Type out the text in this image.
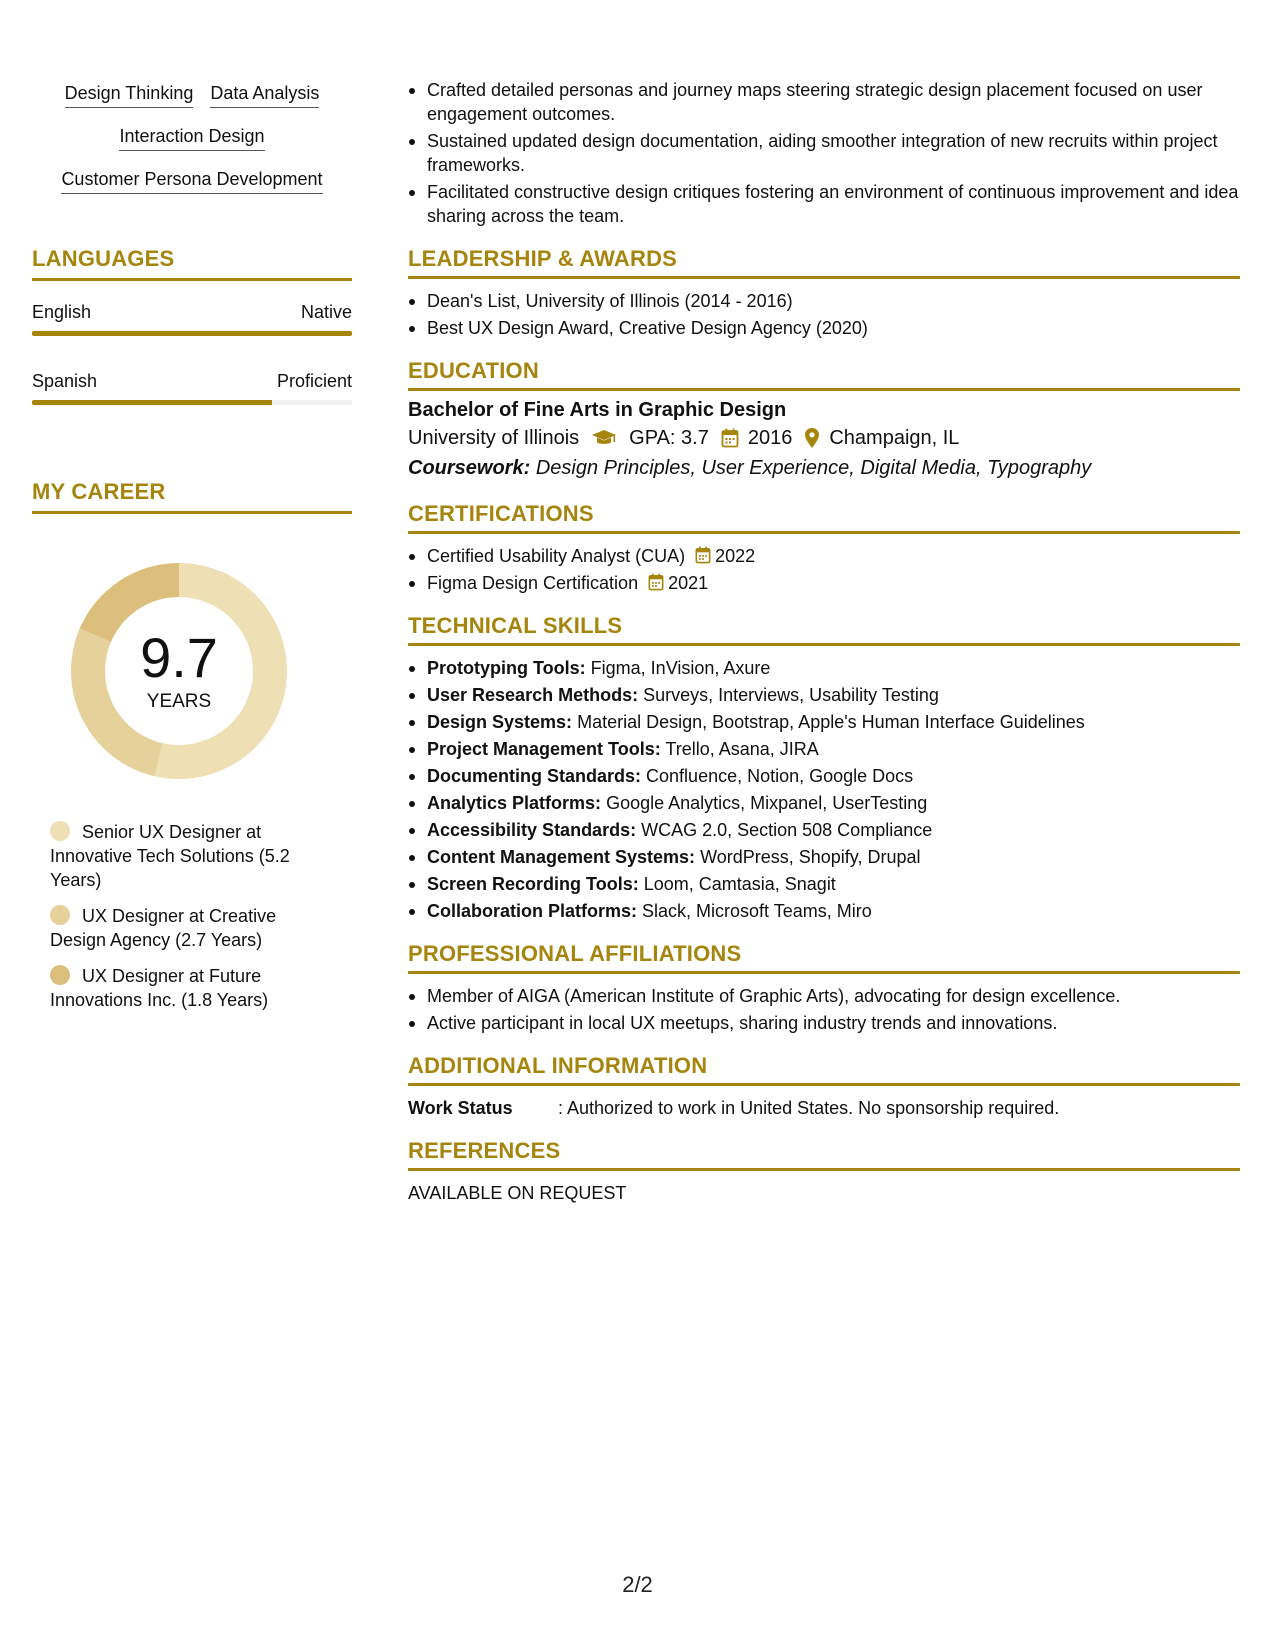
Design Thinking Data Analysis
Interaction Design
Customer Persona Development
LANGUAGES
English	Native
Spanish	Proficient
MY CAREER
9.7
YEARS
Senior UX Designer at Innovative Tech Solutions (5.2 Years)
UX Designer at Creative Design Agency (2.7 Years)
UX Designer at Future Innovations Inc. (1.8 Years)
Crafted detailed personas and journey maps steering strategic design placement focused on user engagement outcomes.
Sustained updated design documentation, aiding smoother integration of new recruits within project frameworks.
Facilitated constructive design critiques fostering an environment of continuous improvement and idea sharing across the team.
LEADERSHIP & AWARDS
Dean's List, University of Illinois (2014 - 2016)
Best UX Design Award, Creative Design Agency (2020)
EDUCATION
Bachelor of Fine Arts in Graphic Design
University of Illinois	GPA: 3.7 2016 Champaign, IL
Coursework: Design Principles, User Experience, Digital Media, Typography
CERTIFICATIONS
Certified Usability Analyst (CUA) 2022
Figma Design Certification 2021
TECHNICAL SKILLS
Prototyping Tools: Figma, InVision, Axure
User Research Methods: Surveys, Interviews, Usability Testing
Design Systems: Material Design, Bootstrap, Apple's Human Interface Guidelines
Project Management Tools: Trello, Asana, JIRA
Documenting Standards: Confluence, Notion, Google Docs
Analytics Platforms: Google Analytics, Mixpanel, UserTesting
Accessibility Standards: WCAG 2.0, Section 508 Compliance
Content Management Systems: WordPress, Shopify, Drupal
Screen Recording Tools: Loom, Camtasia, Snagit
Collaboration Platforms: Slack, Microsoft Teams, Miro
PROFESSIONAL AFFILIATIONS
Member of AIGA (American Institute of Graphic Arts), advocating for design excellence.
Active participant in local UX meetups, sharing industry trends and innovations.
ADDITIONAL INFORMATION
Work Status	: Authorized to work in United States. No sponsorship required.
REFERENCES
AVAILABLE ON REQUEST
2/2
